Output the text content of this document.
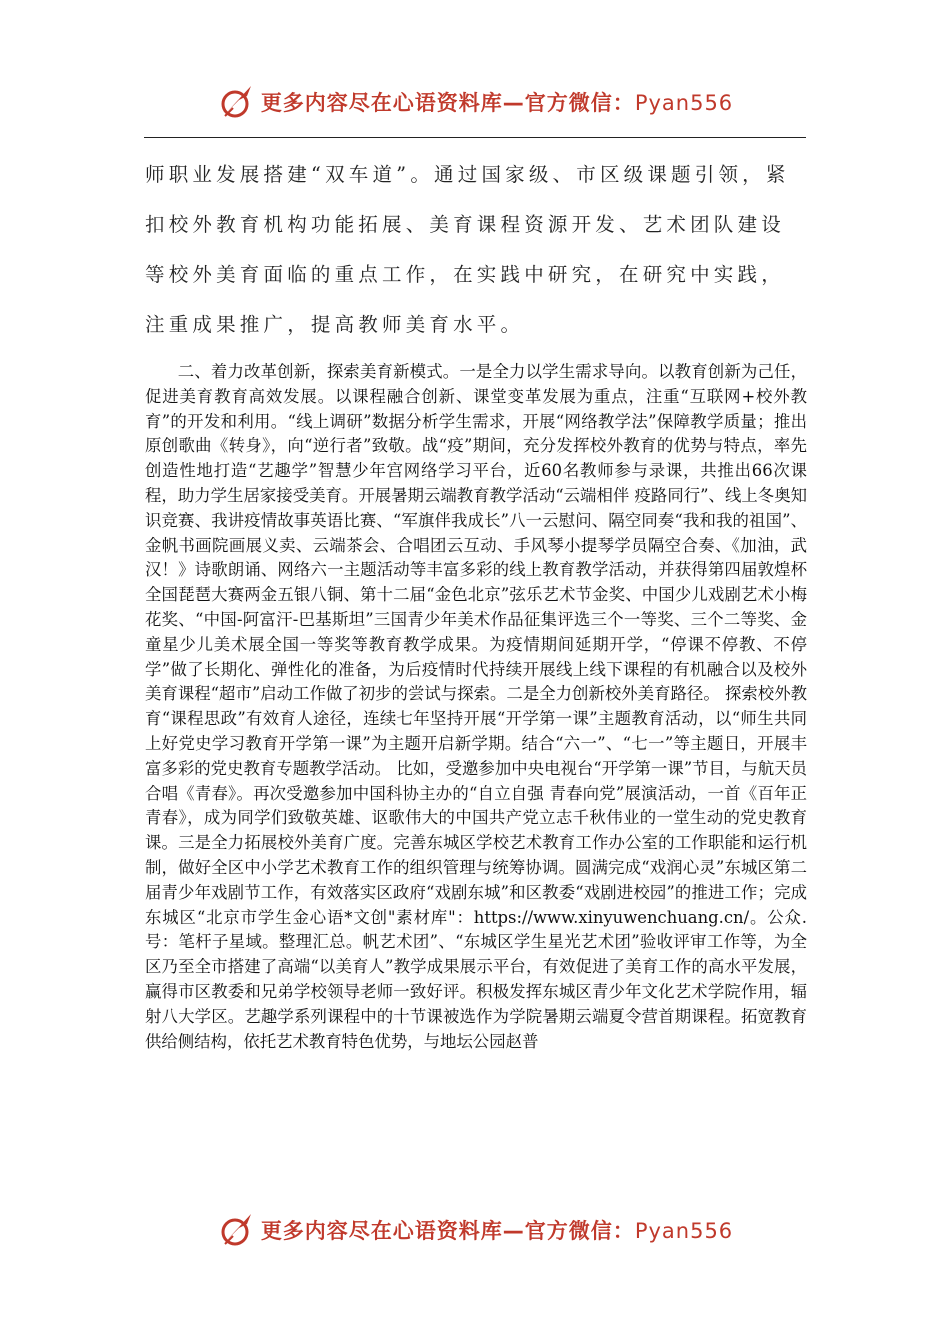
更多内容尽在心语资料库—官方微信：Pyan556

师职业发展搭建“双车道”。通过国家级、市区级课题引领，紧扣校外教育机构功能拓展、美育课程资源开发、艺术团队建设等校外美育面临的重点工作，在实践中研究，在研究中实践，注重成果推广，提高教师美育水平。

二、着力改革创新，探索美育新模式。一是全力以学生需求导向。以教育创新为己任，促进美育教育高效发展。以课程融合创新、课堂变革发展为重点，注重“互联网+校外教育”的开发和利用。“线上调研”数据分析学生需求，开展“网络教学法”保障教学质量；推出原创歌曲《转身》，向“逆行者”致敬。战“疫”期间，充分发挥校外教育的优势与特点，率先创造性地打造“艺趣学”智慧少年宫网络学习平台，近60名教师参与录课，共推出66次课程，助力学生居家接受美育。开展暑期云端教育教学活动“云端相伴 疫路同行”、线上冬奥知识竞赛、我讲疫情故事英语比赛、“军旗伴我成长”八一云慰问、隔空同奏“我和我的祖国”、金帆书画院画展义卖、云端茶会、合唱团云互动、手风琴小提琴学员隔空合奏、《加油，武汉！》诗歌朗诵、网络六一主题活动等丰富多彩的线上教育教学活动，并获得第四届敦煌杯全国琵琶大赛两金五银八铜、第十二届“金色北京”弦乐艺术节金奖、中国少儿戏剧艺术小梅花奖、“中国-阿富汗-巴基斯坦”三国青少年美术作品征集评选三个一等奖、三个二等奖、金童星少儿美术展全国一等奖等教育教学成果。为疫情期间延期开学，“停课不停教、不停学”做了长期化、弹性化的准备，为后疫情时代持续开展线上线下课程的有机融合以及校外美育课程“超市”启动工作做了初步的尝试与探索。二是全力创新校外美育路径。 探索校外教育“课程思政”有效育人途径，连续七年坚持开展“开学第一课”主题教育活动，以“师生共同上好党史学习教育开学第一课”为主题开启新学期。结合“六一”、“七一”等主题日，开展丰富多彩的党史教育专题教学活动。 比如，受邀参加中央电视台“开学第一课”节目，与航天员合唱《青春》。再次受邀参加中国科协主办的“自立自强 青春向党”展演活动，一首《百年正青春》，成为同学们致敬英雄、讴歌伟大的中国共产党立志千秋伟业的一堂生动的党史教育课。三是全力拓展校外美育广度。完善东城区学校艺术教育工作办公室的工作职能和运行机制，做好全区中小学艺术教育工作的组织管理与统筹协调。圆满完成“戏润心灵”东城区第二届青少年戏剧节工作，有效落实区政府“戏剧东城”和区教委“戏剧进校园”的推进工作；完成东城区“北京市学生金心语*文创"素材库"：https://www.xinyuwenchuang.cn/。公众.号：笔杆子星域。整理汇总。帆艺术团”、“东城区学生星光艺术团”验收评审工作等，为全区乃至全市搭建了高端“以美育人”教学成果展示平台，有效促进了美育工作的高水平发展，赢得市区教委和兄弟学校领导老师一致好评。积极发挥东城区青少年文化艺术学院作用，辐射八大学区。艺趣学系列课程中的十节课被选作为学院暑期云端夏令营首期课程。拓宽教育供给侧结构，依托艺术教育特色优势，与地坛公园赵普

更多内容尽在心语资料库—官方微信：Pyan556
